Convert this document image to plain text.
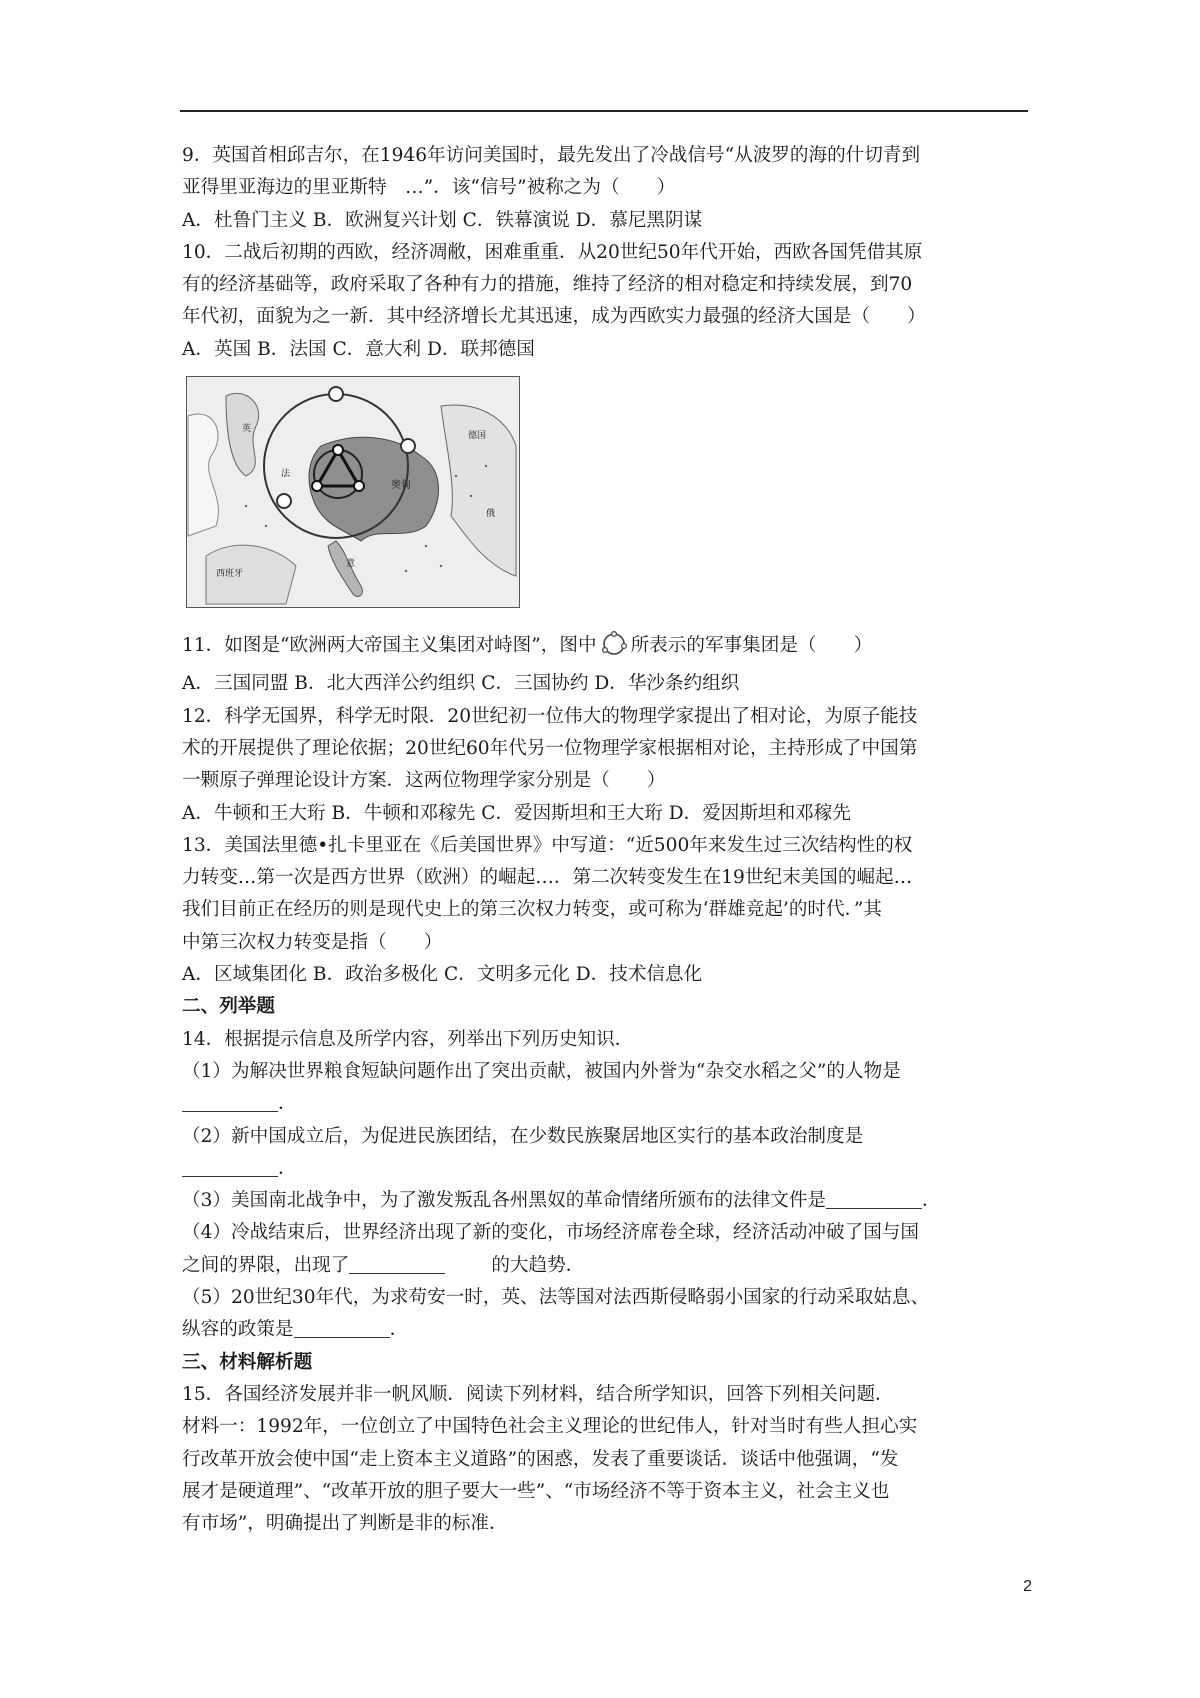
9．英国首相邱吉尔，在1946年访问美国时，最先发出了冷战信号“从波罗的海的什切青到

亚得里亚海边的里亚斯特　…”．该“信号”被称之为（　　）

A．杜鲁门主义 B．欧洲复兴计划 C．铁幕演说 D．慕尼黑阴谋

10．二战后初期的西欧，经济凋敝，困难重重．从20世纪50年代开始，西欧各国凭借其原

有的经济基础等，政府采取了各种有力的措施，维持了经济的相对稳定和持续发展，到70

年代初，面貌为之一新．其中经济增长尤其迅速，成为西欧实力最强的经济大国是（　　）

A．英国 B．法国 C．意大利 D．联邦德国

德国
奥匈
法
英
俄
西班牙
意

11．如图是“欧洲两大帝国主义集团对峙图”，图中 所表示的军事集团是（　　）

A．三国同盟 B．北大西洋公约组织 C．三国协约 D．华沙条约组织

12．科学无国界，科学无时限．20世纪初一位伟大的物理学家提出了相对论，为原子能技

术的开展提供了理论依据；20世纪60年代另一位物理学家根据相对论，主持形成了中国第

一颗原子弹理论设计方案．这两位物理学家分别是（　　）

A．牛顿和王大珩 B．牛顿和邓稼先 C．爱因斯坦和王大珩 D．爱因斯坦和邓稼先

13．美国法里德•扎卡里亚在《后美国世界》中写道：“近500年来发生过三次结构性的权

力转变…第一次是西方世界（欧洲）的崛起…．第二次转变发生在19世纪末美国的崛起…

我们目前正在经历的则是现代史上的第三次权力转变，或可称为‘群雄竞起’的时代．”其

中第三次权力转变是指（　　）

A．区域集团化 B．政治多极化 C．文明多元化 D．技术信息化

二、列举题

14．根据提示信息及所学内容，列举出下列历史知识．

（1）为解决世界粮食短缺问题作出了突出贡献，被国内外誉为“杂交水稻之父”的人物是

．

（2）新中国成立后，为促进民族团结，在少数民族聚居地区实行的基本政治制度是

．

（3）美国南北战争中，为了激发叛乱各州黑奴的革命情绪所颁布的法律文件是	．

（4）冷战结束后，世界经济出现了新的变化，市场经济席卷全球，经济活动冲破了国与国

之间的界限，出现了	的大趋势．

（5）20世纪30年代，为求苟安一时，英、法等国对法西斯侵略弱小国家的行动采取姑息、

纵容的政策是	．

三、材料解析题

15．各国经济发展并非一帆风顺．阅读下列材料，结合所学知识，回答下列相关问题．

材料一：1992年，一位创立了中国特色社会主义理论的世纪伟人，针对当时有些人担心实

行改革开放会使中国“走上资本主义道路”的困惑，发表了重要谈话．谈话中他强调，“发

展才是硬道理”、“改革开放的胆子要大一些”、“市场经济不等于资本主义，社会主义也

有市场”，明确提出了判断是非的标准．

2
